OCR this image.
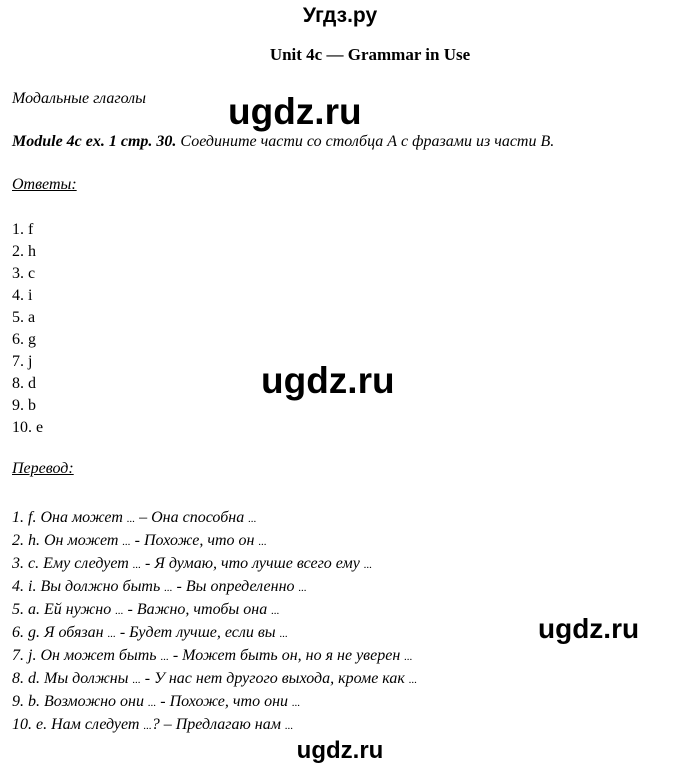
Угдз.ру
Unit 4c — Grammar in Use
Модальные глаголы
Module 4c ex. 1 стр. 30. Соедините части со столбца А с фразами из части В.
Ответы:
1. f
2. h
3. c
4. i
5. a
6. g
7. j
8. d
9. b
10. e
Перевод:
1. f. Она может ... – Она способна ...
2. h. Он может ... - Похоже, что он ...
3. c. Ему следует ... - Я думаю, что лучше всего ему ...
4. i. Вы должно быть ... - Вы определенно ...
5. a. Ей нужно ... - Важно, чтобы она ...
6. g. Я обязан ... - Будет лучше, если вы ...
7. j. Он может быть ... - Может быть он, но я не уверен ...
8. d. Мы должны ... - У нас нет другого выхода, кроме как ...
9. b. Возможно они ... - Похоже, что они ...
10. e. Нам следует ...? – Предлагаю нам ...
ugdz.ru
ugdz.ru
ugdz.ru
ugdz.ru
